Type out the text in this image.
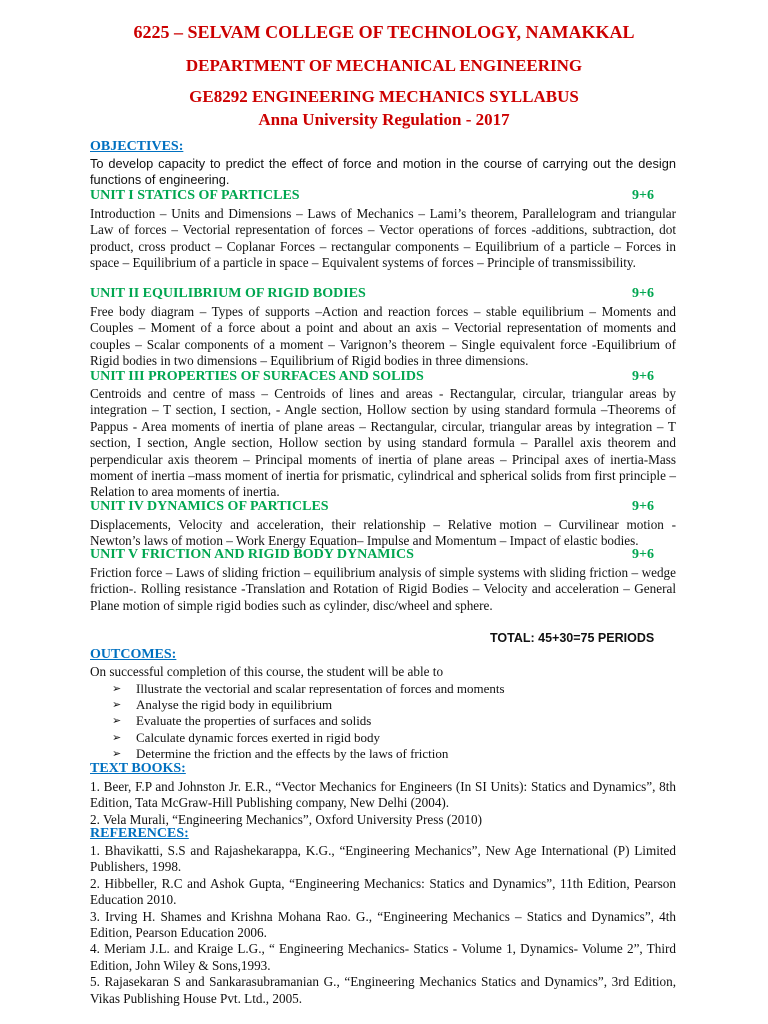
6225 – SELVAM COLLEGE OF TECHNOLOGY, NAMAKKAL
DEPARTMENT OF MECHANICAL ENGINEERING
GE8292 ENGINEERING MECHANICS SYLLABUS
Anna University Regulation - 2017
OBJECTIVES:
To develop capacity to predict the effect of force and motion in the course of carrying out the design functions of engineering.
UNIT I STATICS OF PARTICLES	9+6
Introduction – Units and Dimensions – Laws of Mechanics – Lami’s theorem, Parallelogram and triangular Law of forces – Vectorial representation of forces – Vector operations of forces -additions, subtraction, dot product, cross product – Coplanar Forces – rectangular components – Equilibrium of a particle – Forces in space – Equilibrium of a particle in space – Equivalent systems of forces – Principle of transmissibility.
UNIT II EQUILIBRIUM OF RIGID BODIES	9+6
Free body diagram – Types of supports –Action and reaction forces – stable equilibrium – Moments and Couples – Moment of a force about a point and about an axis – Vectorial representation of moments and couples – Scalar components of a moment – Varignon’s theorem – Single equivalent force -Equilibrium of Rigid bodies in two dimensions – Equilibrium of Rigid bodies in three dimensions.
UNIT III PROPERTIES OF SURFACES AND SOLIDS	9+6
Centroids and centre of mass – Centroids of lines and areas - Rectangular, circular, triangular areas by integration – T section, I section, - Angle section, Hollow section by using standard formula –Theorems of Pappus - Area moments of inertia of plane areas – Rectangular, circular, triangular areas by integration – T section, I section, Angle section, Hollow section by using standard formula – Parallel axis theorem and perpendicular axis theorem – Principal moments of inertia of plane areas – Principal axes of inertia-Mass moment of inertia –mass moment of inertia for prismatic, cylindrical and spherical solids from first principle – Relation to area moments of inertia.
UNIT IV DYNAMICS OF PARTICLES	9+6
Displacements, Velocity and acceleration, their relationship – Relative motion – Curvilinear motion - Newton’s laws of motion – Work Energy Equation– Impulse and Momentum – Impact of elastic bodies.
UNIT V FRICTION AND RIGID BODY DYNAMICS	9+6
Friction force – Laws of sliding friction – equilibrium analysis of simple systems with sliding friction – wedge friction-. Rolling resistance -Translation and Rotation of Rigid Bodies – Velocity and acceleration – General Plane motion of simple rigid bodies such as cylinder, disc/wheel and sphere.
TOTAL: 45+30=75 PERIODS
OUTCOMES:
On successful completion of this course, the student will be able to
➢ Illustrate the vectorial and scalar representation of forces and moments
➢ Analyse the rigid body in equilibrium
➢ Evaluate the properties of surfaces and solids
➢ Calculate dynamic forces exerted in rigid body
➢ Determine the friction and the effects by the laws of friction
TEXT BOOKS:
1. Beer, F.P and Johnston Jr. E.R., “Vector Mechanics for Engineers (In SI Units): Statics and Dynamics”, 8th Edition, Tata McGraw-Hill Publishing company, New Delhi (2004).
2. Vela Murali, “Engineering Mechanics”, Oxford University Press (2010)
REFERENCES:
1. Bhavikatti, S.S and Rajashekarappa, K.G., “Engineering Mechanics”, New Age International (P) Limited Publishers, 1998.
2. Hibbeller, R.C and Ashok Gupta, “Engineering Mechanics: Statics and Dynamics”, 11th Edition, Pearson Education 2010.
3. Irving H. Shames and Krishna Mohana Rao. G., “Engineering Mechanics – Statics and Dynamics”, 4th Edition, Pearson Education 2006.
4. Meriam J.L. and Kraige L.G., “ Engineering Mechanics- Statics - Volume 1, Dynamics- Volume 2”, Third Edition, John Wiley & Sons,1993.
5. Rajasekaran S and Sankarasubramanian G., “Engineering Mechanics Statics and Dynamics”, 3rd Edition, Vikas Publishing House Pvt. Ltd., 2005.
